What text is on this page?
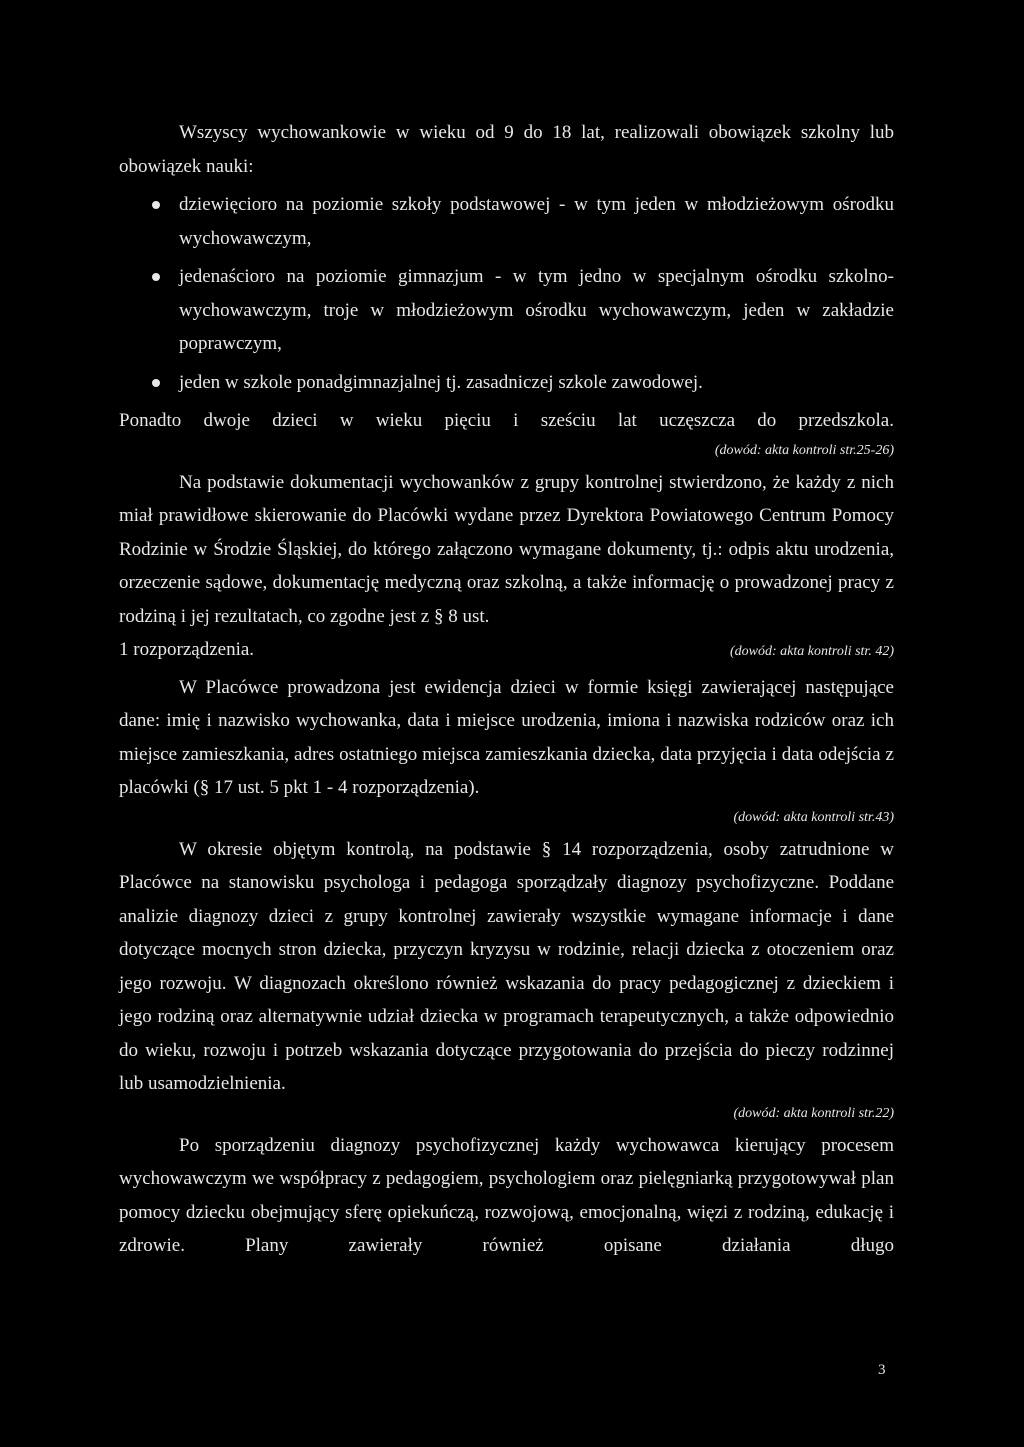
Wszyscy wychowankowie w wieku od 9 do 18 lat, realizowali obowiązek szkolny lub obowiązek nauki:

dziewięcioro na poziomie szkoły podstawowej - w tym jeden w młodzieżowym ośrodku wychowawczym,
jedenaścioro na poziomie gimnazjum - w tym jedno w specjalnym ośrodku szkolno-wychowawczym, troje w młodzieżowym ośrodku wychowawczym, jeden w zakładzie poprawczym,
jeden w szkole ponadgimnazjalnej tj. zasadniczej szkole zawodowej.

Ponadto dwoje dzieci w wieku pięciu i sześciu lat uczęszcza do przedszkola.

(dowód: akta kontroli str.25-26)

Na podstawie dokumentacji wychowanków z grupy kontrolnej stwierdzono, że każdy z nich miał prawidłowe skierowanie do Placówki wydane przez Dyrektora Powiatowego Centrum Pomocy Rodzinie w Środzie Śląskiej, do którego załączono wymagane dokumenty, tj.: odpis aktu urodzenia, orzeczenie sądowe, dokumentację medyczną oraz szkolną, a także informację o prowadzonej pracy z rodziną i jej rezultatach, co zgodne jest z § 8 ust.

1 rozporządzenia.	(dowód: akta kontroli str. 42)

W Placówce prowadzona jest ewidencja dzieci w formie księgi zawierającej następujące dane: imię i nazwisko wychowanka, data i miejsce urodzenia, imiona i nazwiska rodziców oraz ich miejsce zamieszkania, adres ostatniego miejsca zamieszkania dziecka, data przyjęcia i data odejścia z placówki (§ 17 ust. 5 pkt 1 - 4 rozporządzenia).

(dowód: akta kontroli str.43)

W okresie objętym kontrolą, na podstawie § 14 rozporządzenia, osoby zatrudnione w Placówce na stanowisku psychologa i pedagoga sporządzały diagnozy psychofizyczne. Poddane analizie diagnozy dzieci z grupy kontrolnej zawierały wszystkie wymagane informacje i dane dotyczące mocnych stron dziecka, przyczyn kryzysu w rodzinie, relacji dziecka z otoczeniem oraz jego rozwoju. W diagnozach określono również wskazania do pracy pedagogicznej z dzieckiem i jego rodziną oraz alternatywnie udział dziecka w programach terapeutycznych, a także odpowiednio do wieku, rozwoju i potrzeb wskazania dotyczące przygotowania do przejścia do pieczy rodzinnej lub usamodzielnienia.

(dowód: akta kontroli str.22)

Po sporządzeniu diagnozy psychofizycznej każdy wychowawca kierujący procesem wychowawczym we współpracy z pedagogiem, psychologiem oraz pielęgniarką przygotowywał plan pomocy dziecku obejmujący sferę opiekuńczą, rozwojową, emocjonalną, więzi z rodziną, edukację i zdrowie. Plany zawierały również opisane działania długo

3
